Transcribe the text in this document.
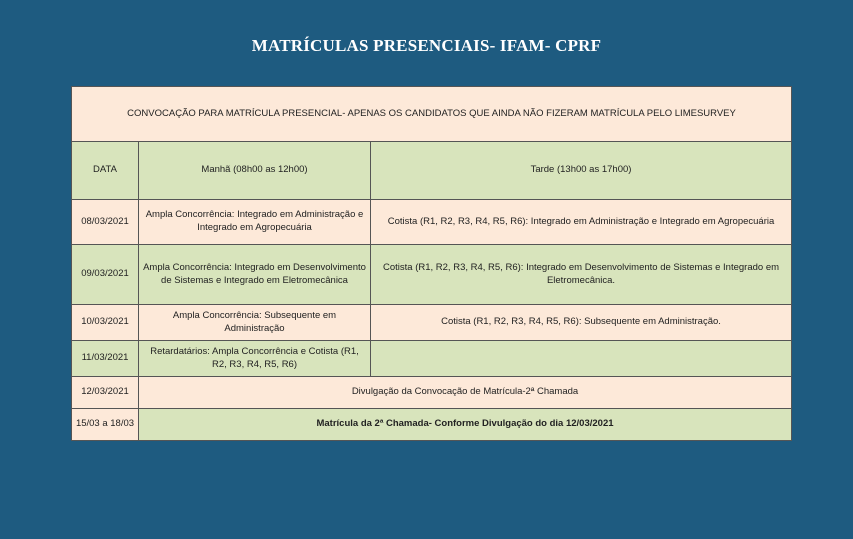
MATRÍCULAS PRESENCIAIS- IFAM- CPRF
CONVOCAÇÃO PARA MATRÍCULA PRESENCIAL- APENAS OS CANDIDATOS QUE AINDA NÃO FIZERAM MATRÍCULA PELO LIMESURVEY		
DATA	Manhã (08h00 as 12h00)	Tarde (13h00 as 17h00)
08/03/2021	Ampla Concorrência: Integrado em Administração e Integrado em Agropecuária	Cotista (R1, R2, R3, R4, R5, R6): Integrado em Administração e Integrado em Agropecuária
09/03/2021	Ampla Concorrência: Integrado em Desenvolvimento de Sistemas e Integrado em Eletromecânica	Cotista (R1, R2, R3, R4, R5, R6): Integrado em Desenvolvimento de Sistemas e Integrado em Eletromecânica.
10/03/2021	Ampla Concorrência: Subsequente em Administração	Cotista (R1, R2, R3, R4, R5, R6): Subsequente em Administração.
11/03/2021	Retardatários: Ampla Concorrência e Cotista (R1, R2, R3, R4, R5, R6)	
12/03/2021	Divulgação da Convocação de Matrícula-2ª Chamada	
15/03 a 18/03	Matrícula da 2ª Chamada- Conforme Divulgação do dia 12/03/2021	
